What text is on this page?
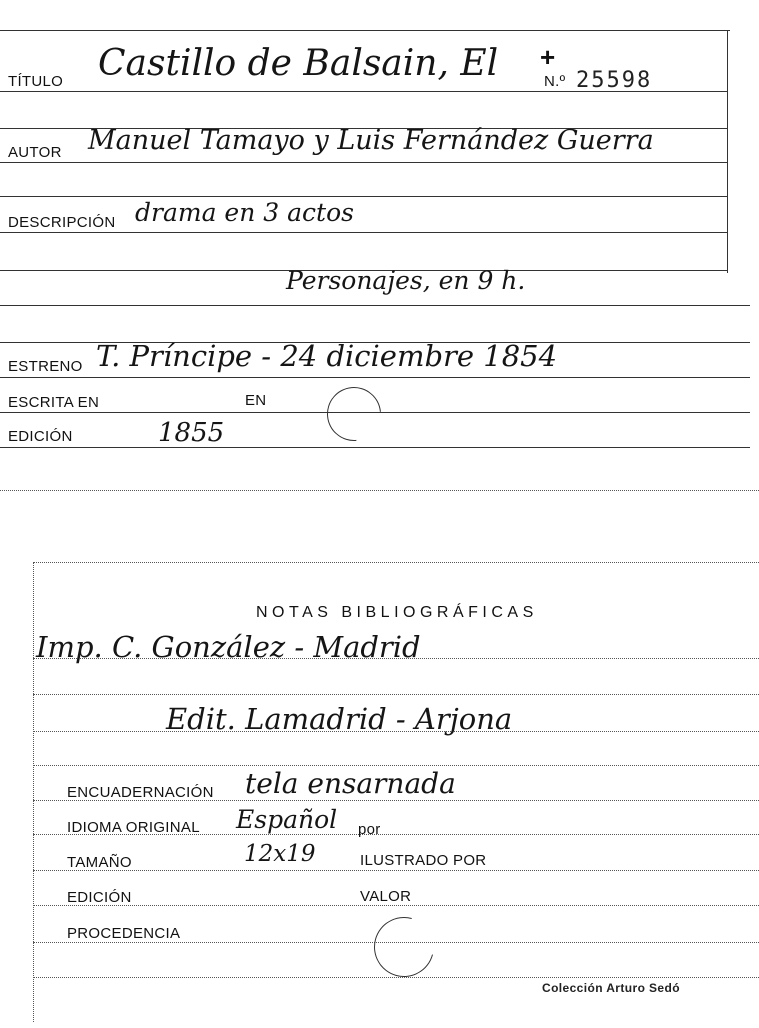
TÍTULO Castillo de Balsain, El +
N.º 25598
AUTOR Manuel Tamayo y Luis Fernández Guerra
DESCRIPCIÓN drama en 3 actos
Personajes, en 9 h.
ESTRENO T. Príncipe - 24 diciembre 1854
ESCRITA EN	EN
EDICIÓN	1855
NOTAS BIBLIOGRÁFICAS
Imp. C. González - Madrid
Edit. Lamadrid - Arjona
ENCUADERNACIÓN tela ensarnada
IDIOMA ORIGINAL Español por
TAMAÑO	12x19	ILUSTRADO POR
EDICIÓN	VALOR
PROCEDENCIA
Colección Arturo Sedó
